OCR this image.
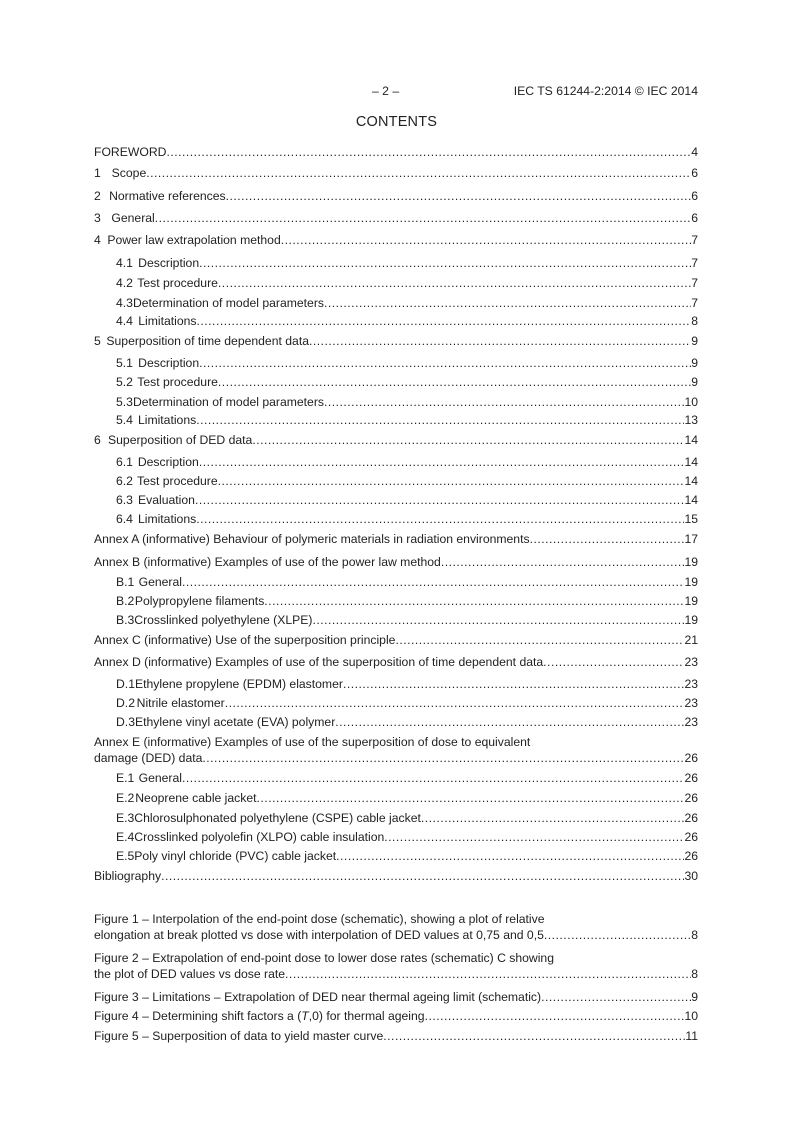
– 2 –	IEC TS 61244-2:2014 © IEC 2014
CONTENTS
FOREWORD .....	4
1 Scope .....	6
2 Normative references .....	6
3 General .....	6
4 Power law extrapolation method .....	7
4.1 Description .....	7
4.2 Test procedure .....	7
4.3 Determination of model parameters .....	7
4.4 Limitations .....	8
5 Superposition of time dependent data .....	9
5.1 Description .....	9
5.2 Test procedure .....	9
5.3 Determination of model parameters .....	10
5.4 Limitations .....	13
6 Superposition of DED data .....	14
6.1 Description .....	14
6.2 Test procedure .....	14
6.3 Evaluation .....	14
6.4 Limitations .....	15
Annex A (informative) Behaviour of polymeric materials in radiation environments .....	17
Annex B (informative) Examples of use of the power law method .....	19
B.1 General .....	19
B.2 Polypropylene filaments .....	19
B.3 Crosslinked polyethylene (XLPE) .....	19
Annex C (informative) Use of the superposition principle .....	21
Annex D (informative) Examples of use of the superposition of time dependent data .....	23
D.1 Ethylene propylene (EPDM) elastomer .....	23
D.2 Nitrile elastomer .....	23
D.3 Ethylene vinyl acetate (EVA) polymer .....	23
Annex E (informative) Examples of use of the superposition of dose to equivalent
damage (DED) data .....	26
E.1 General .....	26
E.2 Neoprene cable jacket .....	26
E.3 Chlorosulphonated polyethylene (CSPE) cable jacket .....	26
E.4 Crosslinked polyolefin (XLPO) cable insulation .....	26
E.5 Poly vinyl chloride (PVC) cable jacket .....	26
Bibliography .....	30
Figure 1 – Interpolation of the end-point dose (schematic), showing a plot of relative
elongation at break plotted vs dose with interpolation of DED values at 0,75 and 0,5 .....	8
Figure 2 – Extrapolation of end-point dose to lower dose rates (schematic) C showing
the plot of DED values vs dose rate .....	8
Figure 3 – Limitations – Extrapolation of DED near thermal ageing limit (schematic) .....	9
Figure 4 – Determining shift factors a (T,0) for thermal ageing .....	10
Figure 5 – Superposition of data to yield master curve .....	11
